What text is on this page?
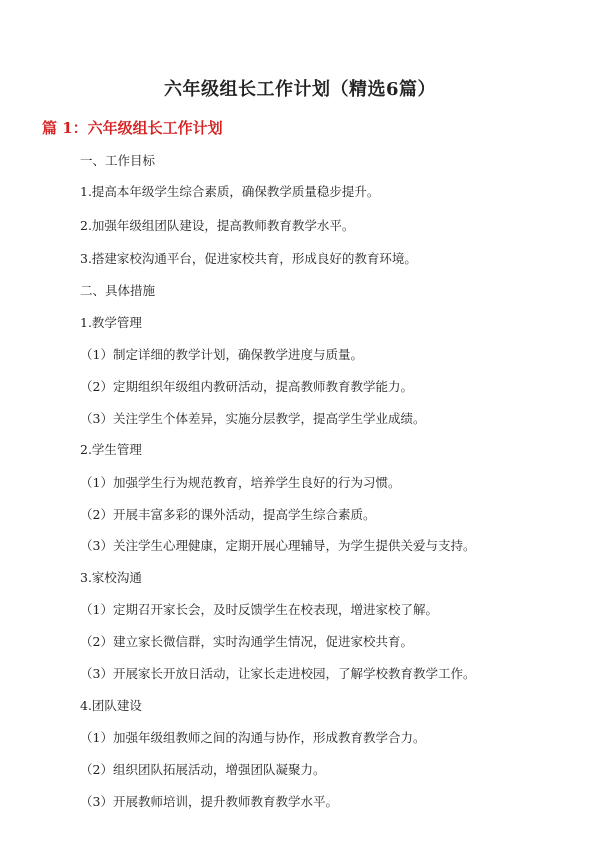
六年级组长工作计划（精选6篇）
篇 1：六年级组长工作计划
一、工作目标
1.提高本年级学生综合素质，确保教学质量稳步提升。
2.加强年级组团队建设，提高教师教育教学水平。
3.搭建家校沟通平台，促进家校共育，形成良好的教育环境。
二、具体措施
1.教学管理
（1）制定详细的教学计划，确保教学进度与质量。
（2）定期组织年级组内教研活动，提高教师教育教学能力。
（3）关注学生个体差异，实施分层教学，提高学生学业成绩。
2.学生管理
（1）加强学生行为规范教育，培养学生良好的行为习惯。
（2）开展丰富多彩的课外活动，提高学生综合素质。
（3）关注学生心理健康，定期开展心理辅导，为学生提供关爱与支持。
3.家校沟通
（1）定期召开家长会，及时反馈学生在校表现，增进家校了解。
（2）建立家长微信群，实时沟通学生情况，促进家校共育。
（3）开展家长开放日活动，让家长走进校园，了解学校教育教学工作。
4.团队建设
（1）加强年级组教师之间的沟通与协作，形成教育教学合力。
（2）组织团队拓展活动，增强团队凝聚力。
（3）开展教师培训，提升教师教育教学水平。
